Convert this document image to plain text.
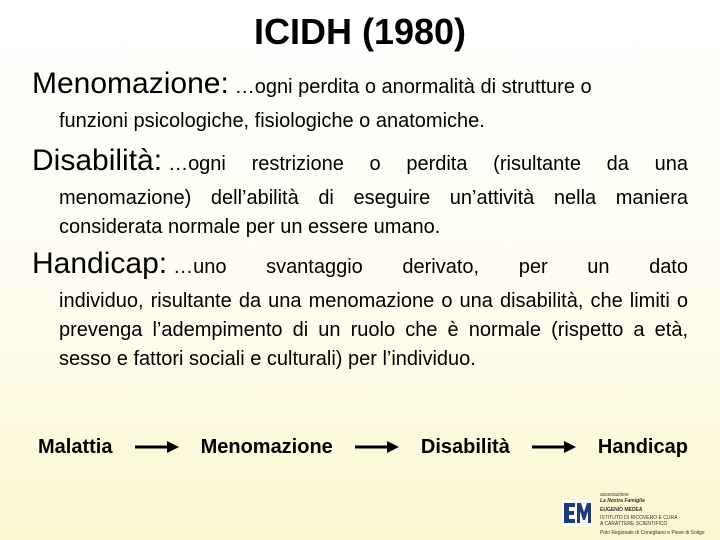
ICIDH (1980)
Menomazione: …ogni perdita o anormalità di strutture o
funzioni psicologiche, fisiologiche o anatomiche.
Disabilità: …ogni restrizione o perdita (risultante da una
menomazione) dell’abilità di eseguire un’attività nella maniera considerata normale per un essere umano.
Handicap: …uno svantaggio derivato, per un dato
individuo, risultante da una menomazione o una disabilità, che limiti o prevenga l’adempimento di un ruolo che è normale (rispetto a età, sesso e fattori sociali e culturali) per l’individuo.
Malattia	Menomazione	Disabilità	Handicap
associazione
La Nostra Famiglia
EUGENIO MEDEA
ISTITUTO DI RICOVERO E CURA
A CARATTERE SCIENTIFICO
Polo Regionale di Conegliano e Pieve di Soligo
